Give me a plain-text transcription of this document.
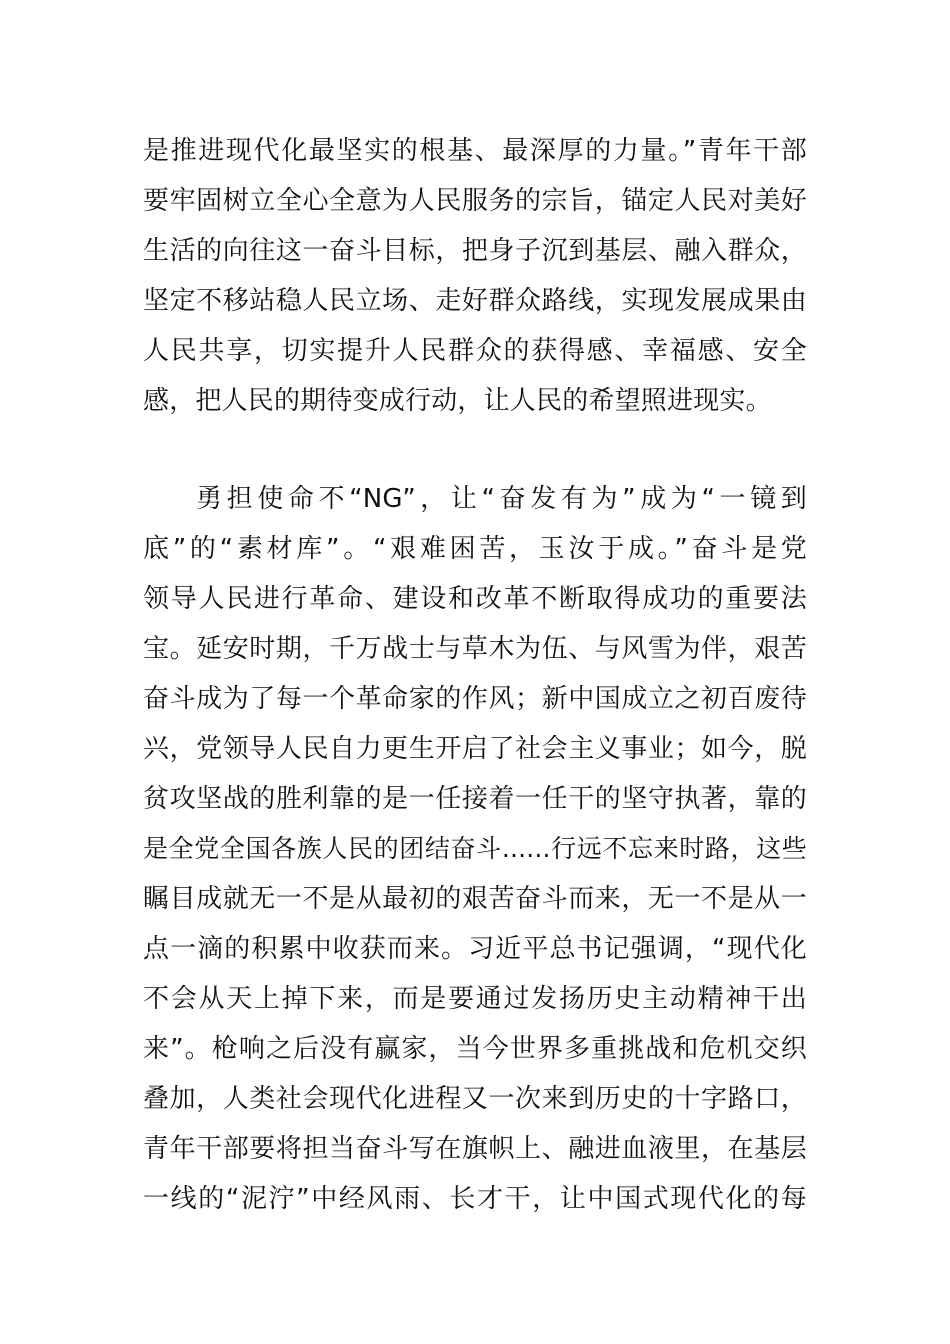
是推进现代化最坚实的根基、最深厚的力量。”青年干部
要牢固树立全心全意为人民服务的宗旨，锚定人民对美好
生活的向往这一奋斗目标，把身子沉到基层、融入群众，
坚定不移站稳人民立场、走好群众路线，实现发展成果由
人民共享，切实提升人民群众的获得感、幸福感、安全
感，把人民的期待变成行动，让人民的希望照进现实。
勇担使命不“NG”，让“奋发有为”成为“一镜到
底”的“素材库”。“艰难困苦，玉汝于成。”奋斗是党
领导人民进行革命、建设和改革不断取得成功的重要法
宝。延安时期，千万战士与草木为伍、与风雪为伴，艰苦
奋斗成为了每一个革命家的作风；新中国成立之初百废待
兴，党领导人民自力更生开启了社会主义事业；如今，脱
贫攻坚战的胜利靠的是一任接着一任干的坚守执著，靠的
是全党全国各族人民的团结奋斗......行远不忘来时路，这些
瞩目成就无一不是从最初的艰苦奋斗而来，无一不是从一
点一滴的积累中收获而来。习近平总书记强调，“现代化
不会从天上掉下来，而是要通过发扬历史主动精神干出
来”。枪响之后没有赢家，当今世界多重挑战和危机交织
叠加，人类社会现代化进程又一次来到历史的十字路口，
青年干部要将担当奋斗写在旗帜上、融进血液里，在基层
一线的“泥泞”中经风雨、长才干，让中国式现代化的每
